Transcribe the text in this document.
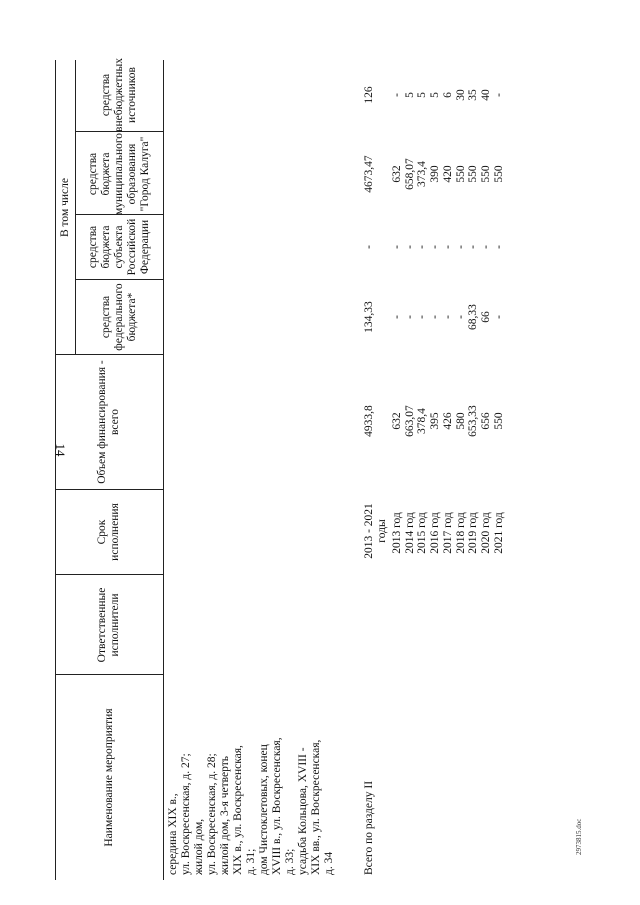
14
2973815.doc
Наименование мероприятия
Ответственные исполнители
Срок исполнения
Объем финансирования - всего
В том числе
средства федерального бюджета*
средства бюджета субъекта Российской Федерации
средства бюджета муниципального образования "Город Калуга"
средства внебюджетных источников
середина XIX в.,
ул. Воскресенская, д. 27;
жилой дом,
ул. Воскресенская, д. 28;
жилой дом, 3-я четверть
XIX в., ул. Воскресенская,
д. 31;
дом Чистоклетовых, конец
XVIII в., ул. Воскресенская,
д. 33;
усадьба Кольцова, XVIII -
XIX вв., ул. Воскресенская,
д. 34	Всего по разделу II
2013 - 2021 годы
4933,8
134,33
-
4673,47
126
2013 год
632
-
-
632
-
2014 год
663,07
-
-
658,07
5
2015 год
378,4
-
-
373,4
5
2016 год
395
-
-
390
5
2017 год
426
-
-
420
6
2018 год
580
-
-
550
30
2019 год
653,33
68,33
-
550
35
2020 год
656
66
-
550
40
2021 год
550
-
-
550
-
